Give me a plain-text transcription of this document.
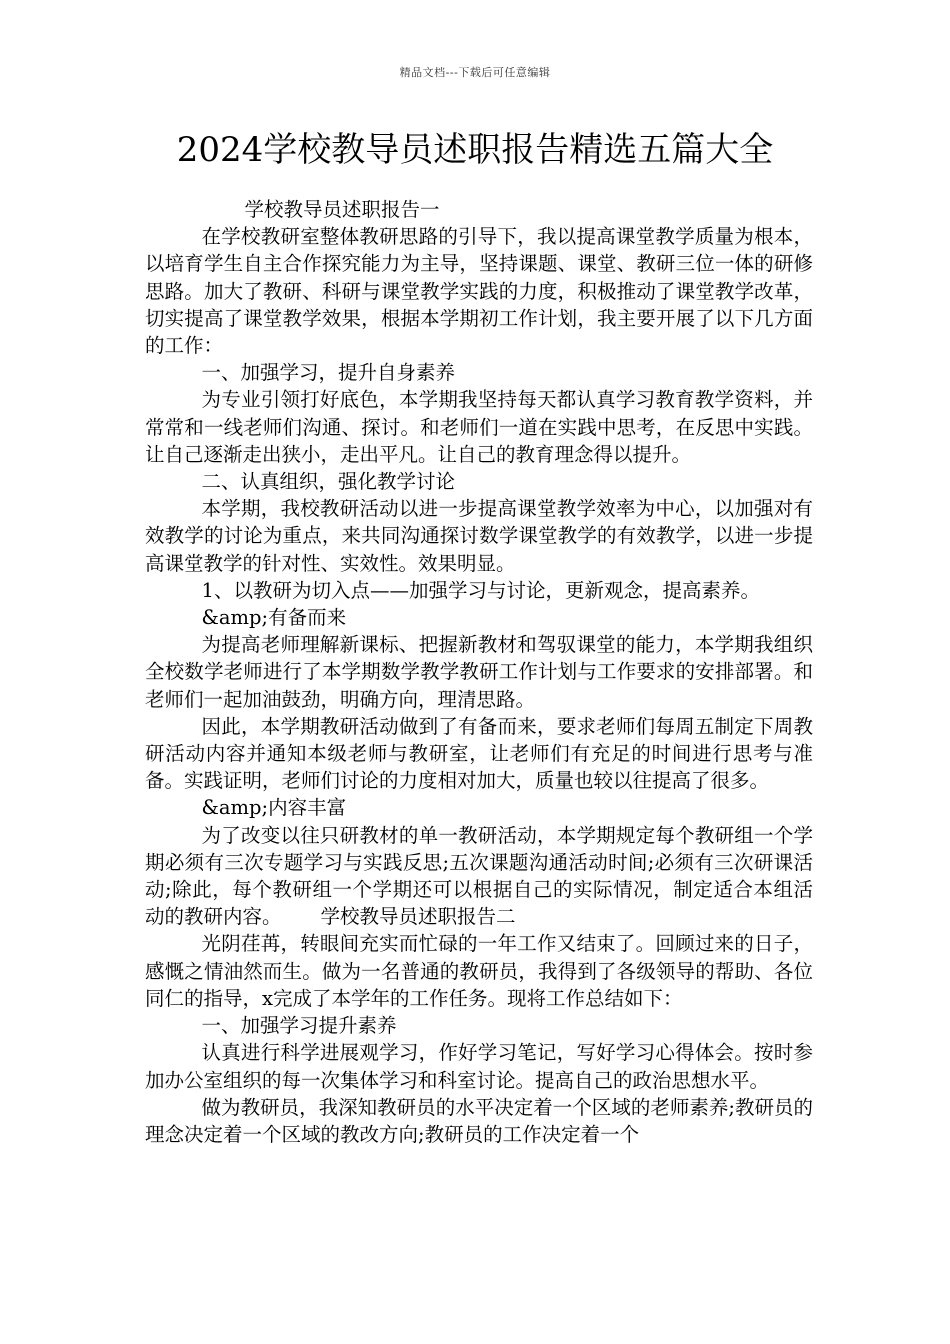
精品文档---下载后可任意编辑
2024学校教导员述职报告精选五篇大全

学校教导员述职报告一

在学校教研室整体教研思路的引导下，我以提高课堂教学质量为根本，以培育学生自主合作探究能力为主导，坚持课题、课堂、教研三位一体的研修思路。加大了教研、科研与课堂教学实践的力度，积极推动了课堂教学改革，切实提高了课堂教学效果，根据本学期初工作计划，我主要开展了以下几方面的工作：

一、加强学习，提升自身素养

为专业引领打好底色，本学期我坚持每天都认真学习教育教学资料，并常常和一线老师们沟通、探讨。和老师们一道在实践中思考，在反思中实践。让自己逐渐走出狭小，走出平凡。让自己的教育理念得以提升。

二、认真组织，强化教学讨论

本学期，我校教研活动以进一步提高课堂教学效率为中心，以加强对有效教学的讨论为重点，来共同沟通探讨数学课堂教学的有效教学，以进一步提高课堂教学的针对性、实效性。效果明显。

1、以教研为切入点——加强学习与讨论，更新观念，提高素养。

&amp;有备而来

为提高老师理解新课标、把握新教材和驾驭课堂的能力，本学期我组织全校数学老师进行了本学期数学教学教研工作计划与工作要求的安排部署。和老师们一起加油鼓劲，明确方向，理清思路。

因此，本学期教研活动做到了有备而来，要求老师们每周五制定下周教研活动内容并通知本级老师与教研室，让老师们有充足的时间进行思考与准备。实践证明，老师们讨论的力度相对加大，质量也较以往提高了很多。

&amp;内容丰富

为了改变以往只研教材的单一教研活动，本学期规定每个教研组一个学期必须有三次专题学习与实践反思;五次课题沟通活动时间;必须有三次研课活动;除此，每个教研组一个学期还可以根据自己的实际情况，制定适合本组活动的教研内容。 学校教导员述职报告二

光阴荏苒，转眼间充实而忙碌的一年工作又结束了。回顾过来的日子，感慨之情油然而生。做为一名普通的教研员，我得到了各级领导的帮助、各位同仁的指导，x完成了本学年的工作任务。现将工作总结如下：

一、加强学习提升素养

认真进行科学进展观学习，作好学习笔记，写好学习心得体会。按时参加办公室组织的每一次集体学习和科室讨论。提高自己的政治思想水平。

做为教研员，我深知教研员的水平决定着一个区域的老师素养;教研员的理念决定着一个区域的教改方向;教研员的工作决定着一个
